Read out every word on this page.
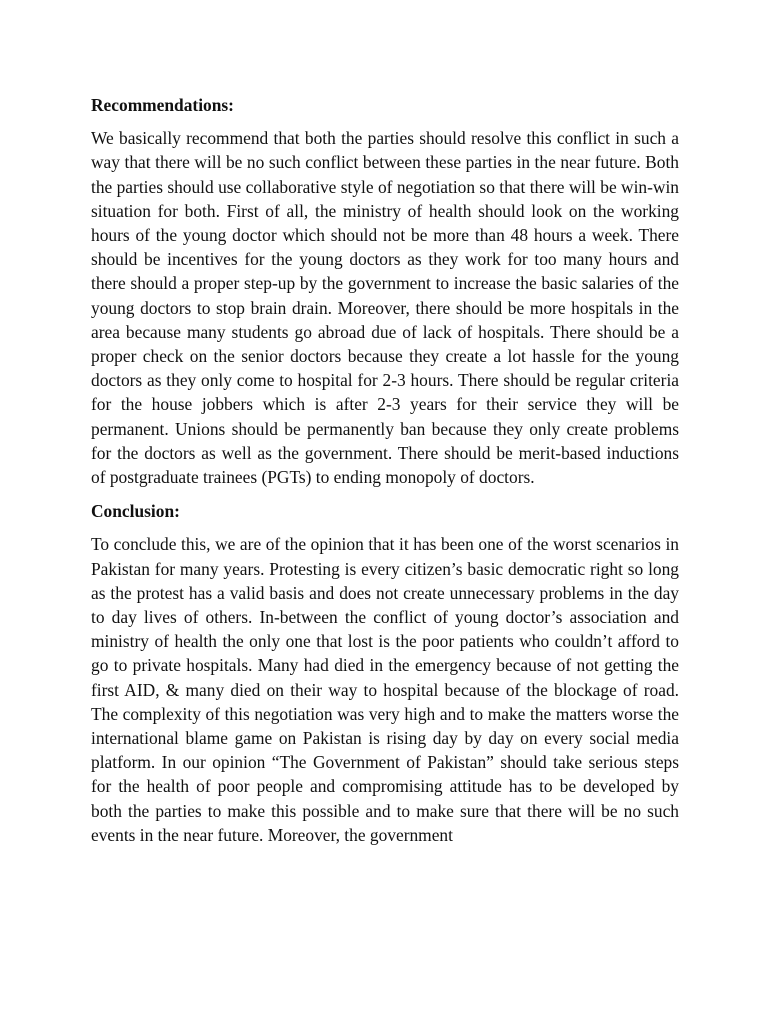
Recommendations:

We basically recommend that both the parties should resolve this conflict in such a way that there will be no such conflict between these parties in the near future. Both the parties should use collaborative style of negotiation so that there will be win-win situation for both. First of all, the ministry of health should look on the working hours of the young doctor which should not be more than 48 hours a week. There should be incentives for the young doctors as they work for too many hours and there should a proper step-up by the government to increase the basic salaries of the young doctors to stop brain drain. Moreover, there should be more hospitals in the area because many students go abroad due of lack of hospitals. There should be a proper check on the senior doctors because they create a lot hassle for the young doctors as they only come to hospital for 2-3 hours. There should be regular criteria for the house jobbers which is after 2-3 years for their service they will be permanent. Unions should be permanently ban because they only create problems for the doctors as well as the government. There should be merit-based inductions of postgraduate trainees (PGTs) to ending monopoly of doctors.

Conclusion:

To conclude this, we are of the opinion that it has been one of the worst scenarios in Pakistan for many years. Protesting is every citizen’s basic democratic right so long as the protest has a valid basis and does not create unnecessary problems in the day to day lives of others. In-between the conflict of young doctor’s association and ministry of health the only one that lost is the poor patients who couldn’t afford to go to private hospitals. Many had died in the emergency because of not getting the first AID, & many died on their way to hospital because of the blockage of road. The complexity of this negotiation was very high and to make the matters worse the international blame game on Pakistan is rising day by day on every social media platform. In our opinion “The Government of Pakistan” should take serious steps for the health of poor people and compromising attitude has to be developed by both the parties to make this possible and to make sure that there will be no such events in the near future. Moreover, the government
